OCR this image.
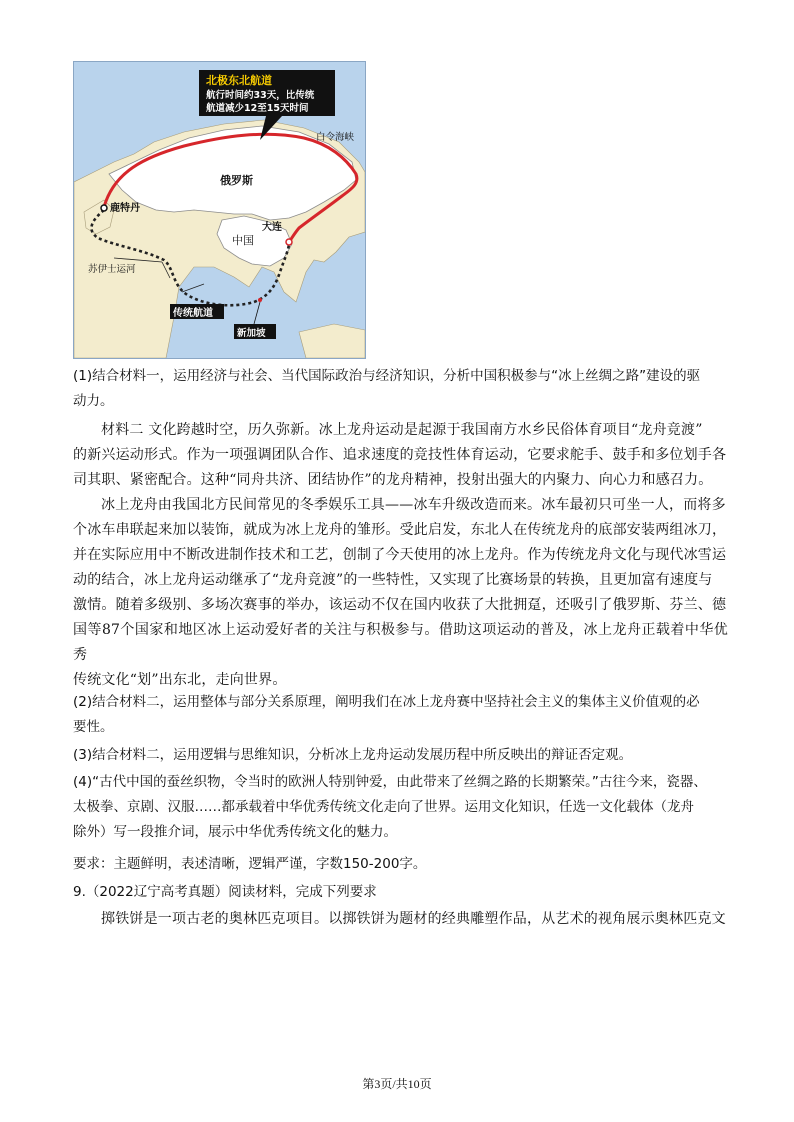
北极东北航道
航行时间约33天，比传统
航道减少12至15天时间
白令海峡
俄罗斯
鹿特丹
大连
中国
苏伊士运河
传统航道
新加坡
(1)结合材料一，运用经济与社会、当代国际政治与经济知识，分析中国积极参与“冰上丝绸之路”建设的驱
动力。
材料二 文化跨越时空，历久弥新。冰上龙舟运动是起源于我国南方水乡民俗体育项目“龙舟竞渡”
的新兴运动形式。作为一项强调团队合作、追求速度的竞技性体育运动，它要求舵手、鼓手和多位划手各
司其职、紧密配合。这种“同舟共济、团结协作”的龙舟精神，投射出强大的内聚力、向心力和感召力。
冰上龙舟由我国北方民间常见的冬季娱乐工具——冰车升级改造而来。冰车最初只可坐一人，而将多
个冰车串联起来加以装饰，就成为冰上龙舟的雏形。受此启发，东北人在传统龙舟的底部安装两组冰刀，
并在实际应用中不断改进制作技术和工艺，创制了今天使用的冰上龙舟。作为传统龙舟文化与现代冰雪运
动的结合，冰上龙舟运动继承了“龙舟竞渡”的一些特性，又实现了比赛场景的转换，且更加富有速度与
激情。随着多级别、多场次赛事的举办，该运动不仅在国内收获了大批拥趸，还吸引了俄罗斯、芬兰、德
国等87个国家和地区冰上运动爱好者的关注与积极参与。借助这项运动的普及，冰上龙舟正载着中华优秀
传统文化“划”出东北，走向世界。
(2)结合材料二，运用整体与部分关系原理，阐明我们在冰上龙舟赛中坚持社会主义的集体主义价值观的必
要性。
(3)结合材料二，运用逻辑与思维知识，分析冰上龙舟运动发展历程中所反映出的辩证否定观。
(4)“古代中国的蚕丝织物，令当时的欧洲人特别钟爱，由此带来了丝绸之路的长期繁荣。”古往今来，瓷器、
太极拳、京剧、汉服……都承载着中华优秀传统文化走向了世界。运用文化知识，任选一文化载体（龙舟
除外）写一段推介词，展示中华优秀传统文化的魅力。
要求：主题鲜明，表述清晰，逻辑严谨，字数150-200字。
9.（2022辽宁高考真题）阅读材料，完成下列要求
掷铁饼是一项古老的奥林匹克项目。以掷铁饼为题材的经典雕塑作品，从艺术的视角展示奥林匹克文
第3页/共10页
